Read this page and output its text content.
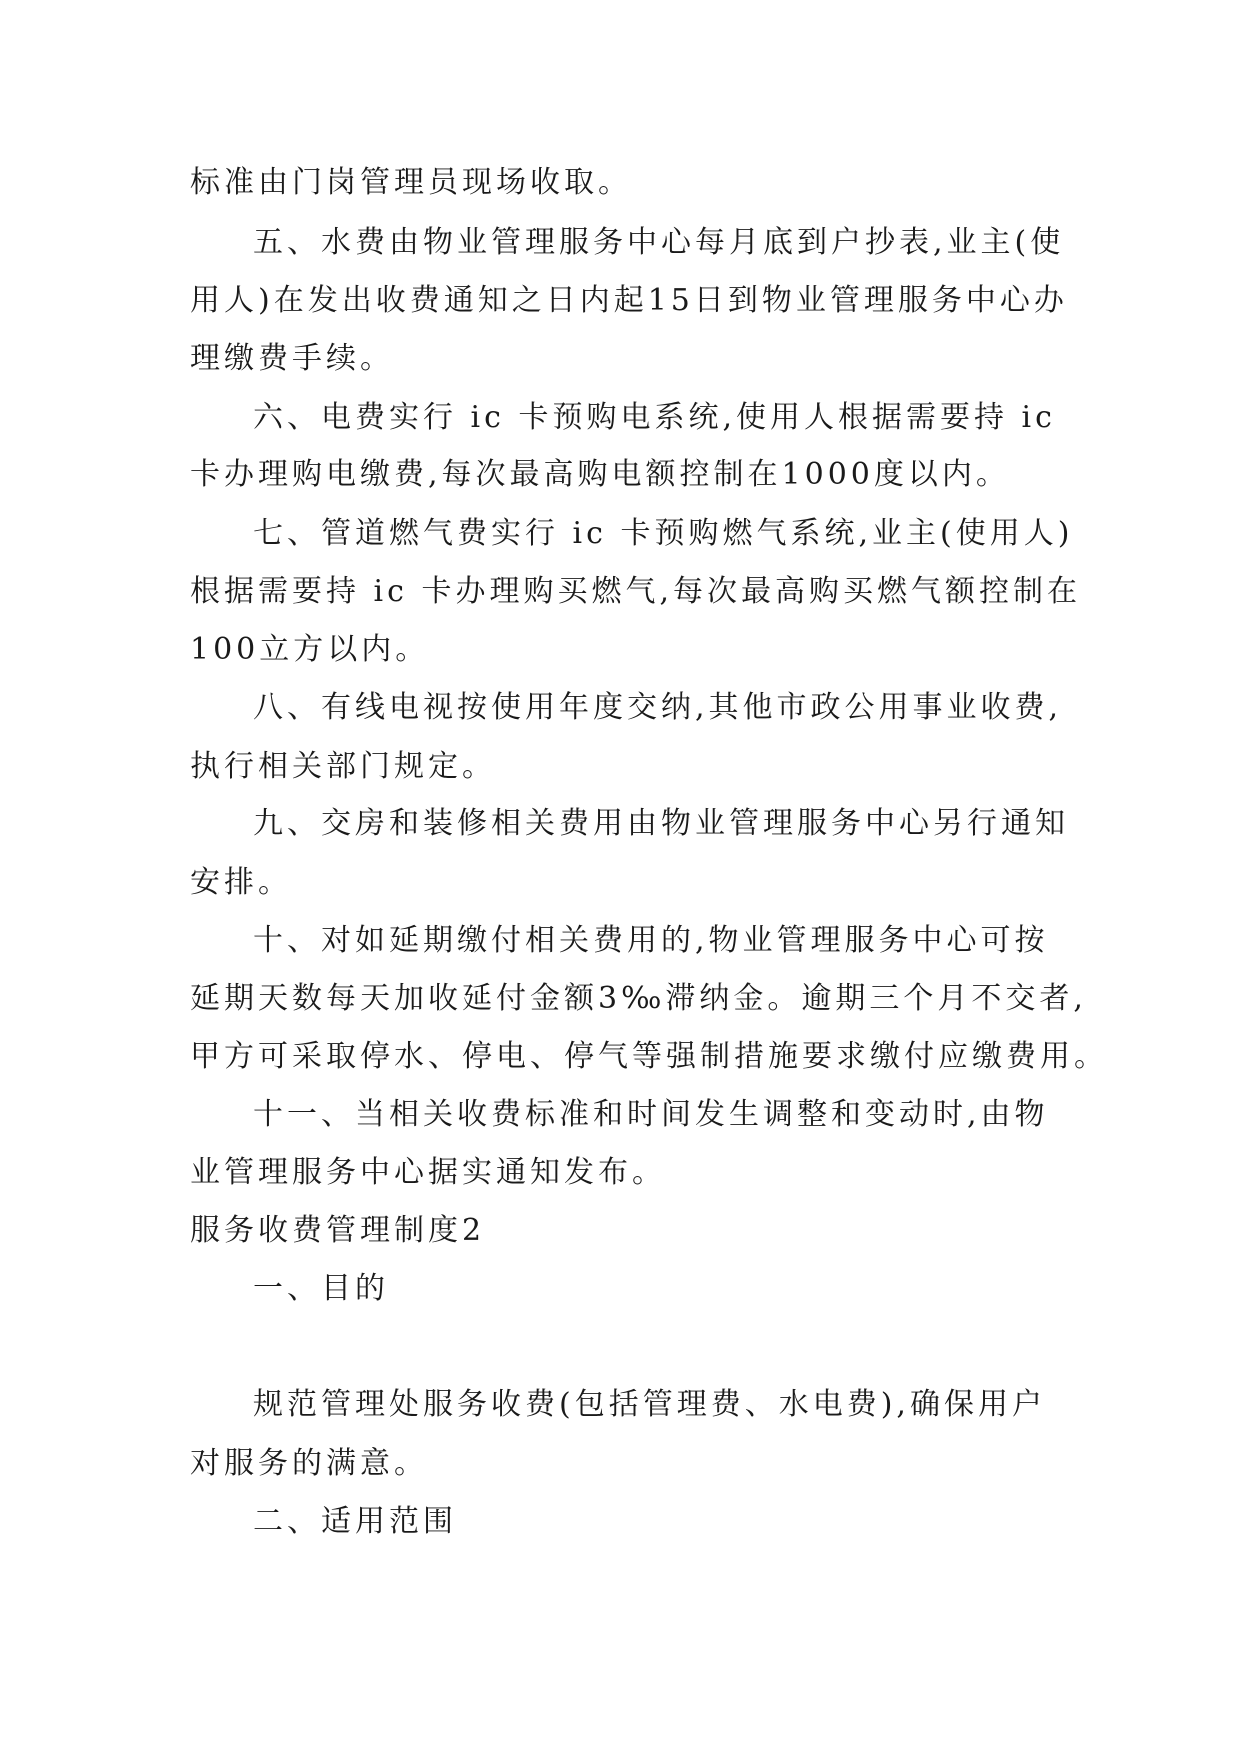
标准由门岗管理员现场收取。
五、水费由物业管理服务中心每月底到户抄表,业主(使
用人)在发出收费通知之日内起15日到物业管理服务中心办
理缴费手续。
六、电费实行 ic 卡预购电系统,使用人根据需要持 ic
卡办理购电缴费,每次最高购电额控制在1000度以内。
七、管道燃气费实行 ic 卡预购燃气系统,业主(使用人)
根据需要持 ic 卡办理购买燃气,每次最高购买燃气额控制在
100立方以内。
八、有线电视按使用年度交纳,其他市政公用事业收费,
执行相关部门规定。
九、交房和装修相关费用由物业管理服务中心另行通知
安排。
十、对如延期缴付相关费用的,物业管理服务中心可按
延期天数每天加收延付金额3‰滞纳金。逾期三个月不交者,
甲方可采取停水、停电、停气等强制措施要求缴付应缴费用。
十一、当相关收费标准和时间发生调整和变动时,由物
业管理服务中心据实通知发布。
服务收费管理制度2
一、目的
规范管理处服务收费(包括管理费、水电费),确保用户
对服务的满意。
二、适用范围
